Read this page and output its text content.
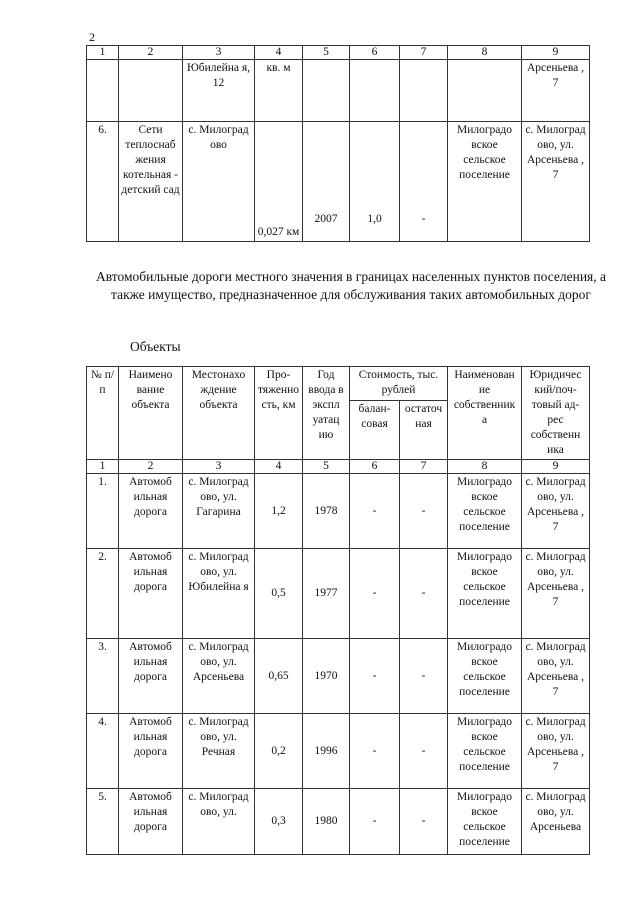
2
1	2	3	4	5	6	7	8	9
		Юбилейна я, 12	кв. м					Арсеньева , 7
6.	Сети теплоснаб жения котельная - детский сад	с. Милоград ово	0,027 км	2007	1,0	-	Милоградо вское сельское поселение	с. Милоград ово, ул. Арсеньева , 7
Автомобильные дороги местного значения в границах населенных пунктов поселения, а также имущество, предназначенное для обслуживания таких автомобильных дорог
Объекты
№ п/п	Наимено вание объекта	Местонахо ждение объекта	Про- тяженно сть, км	Год ввода в экспл уатац ию	Стоимость, тыс. рублей		Наименован ие собственник а	Юридичес кий/поч- товый ад- рес собственн ика
					балансовая	остаточ ная		
1	2	3	4	5	6	7	8	9
1.	Автомоб ильная дорога	с. Милоград ово, ул. Гагарина	1,2	1978	-	-	Милоградо вское сельское поселение	с. Милоград ово, ул. Арсеньева , 7
2.	Автомоб ильная дорога	с. Милоград ово, ул. Юбилейна я	0,5	1977	-	-	Милоградо вское сельское поселение	с. Милоград ово, ул. Арсеньева , 7
3.	Автомоб ильная дорога	с. Милоград ово, ул. Арсеньева	0,65	1970	-	-	Милоградо вское сельское поселение	с. Милоград ово, ул. Арсеньева , 7
4.	Автомоб ильная дорога	с. Милоград ово, ул. Речная	0,2	1996	-	-	Милоградо вское сельское поселение	с. Милоград ово, ул. Арсеньева , 7
5.	Автомоб ильная дорога	с. Милоград ово, ул.	0,3	1980	-	-	Милоградо вское сельское поселение	с. Милоград ово, ул. Арсеньева
